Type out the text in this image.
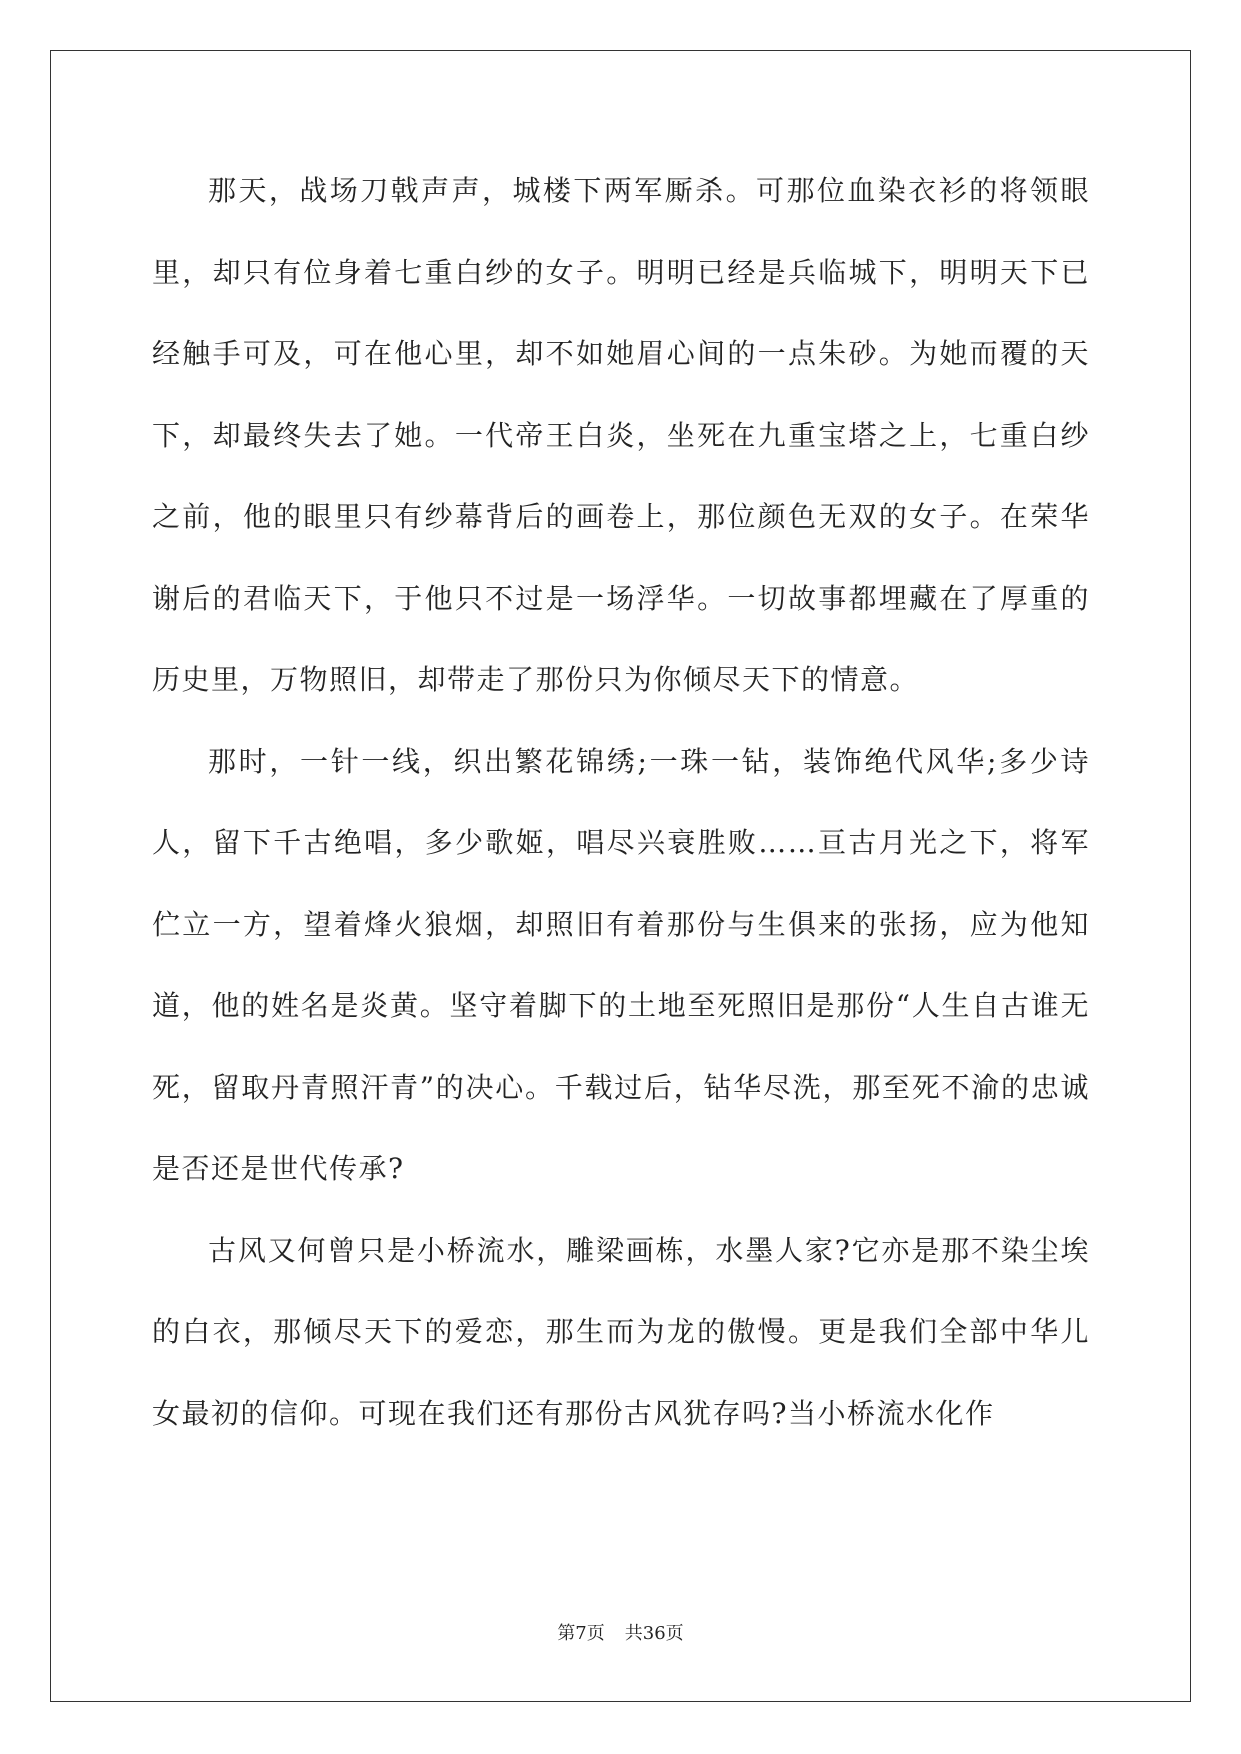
那天，战场刀戟声声，城楼下两军厮杀。可那位血染衣衫的将领眼里，却只有位身着七重白纱的女子。明明已经是兵临城下，明明天下已经触手可及，可在他心里，却不如她眉心间的一点朱砂。为她而覆的天下，却最终失去了她。一代帝王白炎，坐死在九重宝塔之上，七重白纱之前，他的眼里只有纱幕背后的画卷上，那位颜色无双的女子。在荣华谢后的君临天下，于他只不过是一场浮华。一切故事都埋藏在了厚重的历史里，万物照旧，却带走了那份只为你倾尽天下的情意。

那时，一针一线，织出繁花锦绣;一珠一钻，装饰绝代风华;多少诗人，留下千古绝唱，多少歌姬，唱尽兴衰胜败……亘古月光之下，将军伫立一方，望着烽火狼烟，却照旧有着那份与生俱来的张扬，应为他知道，他的姓名是炎黄。坚守着脚下的土地至死照旧是那份“人生自古谁无死，留取丹青照汗青”的决心。千载过后，钻华尽洗，那至死不渝的忠诚是否还是世代传承?

古风又何曾只是小桥流水，雕梁画栋，水墨人家?它亦是那不染尘埃的白衣，那倾尽天下的爱恋，那生而为龙的傲慢。更是我们全部中华儿女最初的信仰。可现在我们还有那份古风犹存吗?当小桥流水化作

第7页 共36页
